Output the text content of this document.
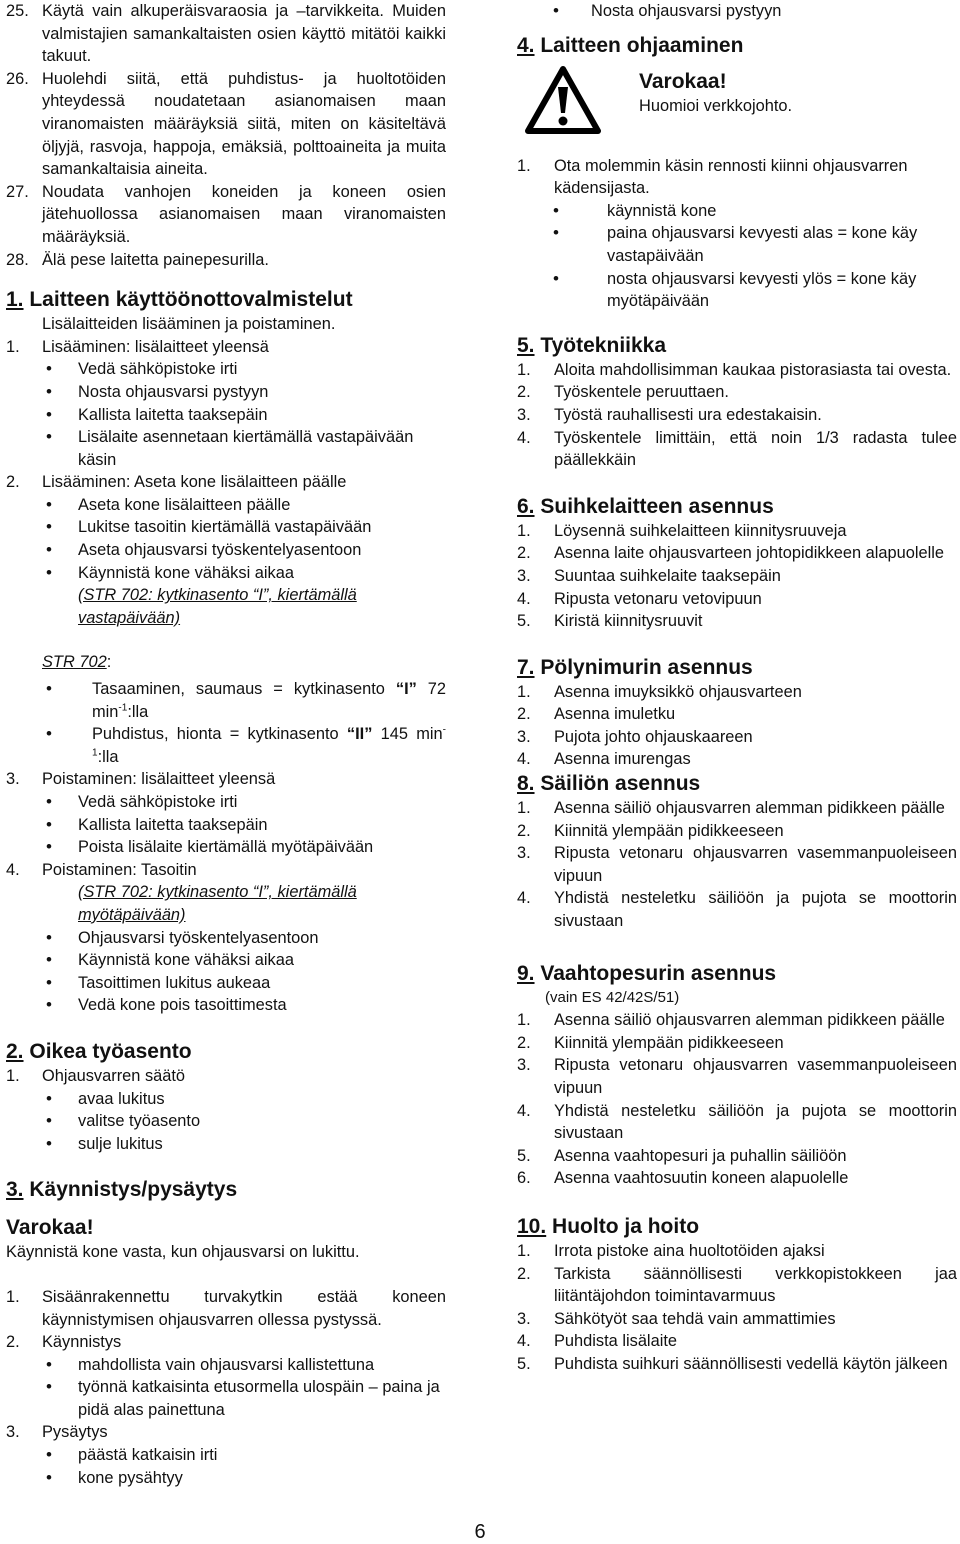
25. Käytä vain alkuperäisvaraosia ja –tarvikkeita. Muiden valmistajien samankaltaisten osien käyttö mitätöi kaikki takuut.
26. Huolehdi siitä, että puhdistus- ja huoltotöiden yhteydessä noudatetaan asianomaisen maan viranomaisten määräyksiä siitä, miten on käsiteltävä öljyjä, rasvoja, happoja, emäksiä, polttoaineita ja muita samankaltaisia aineita.
27. Noudata vanhojen koneiden ja koneen osien jätehuollossa asianomaisen maan viranomaisten määräyksiä.
28. Älä pese laitetta painepesurilla.
1. Laitteen käyttöönottovalmistelut
Lisälaitteiden lisääminen ja poistaminen.
1. Lisääminen: lisälaitteet yleensä
• Vedä sähköpistoke irti
• Nosta ohjausvarsi pystyyn
• Kallista laitetta taaksepäin
• Lisälaite asennetaan kiertämällä vastapäivään käsin
2. Lisääminen: Aseta kone lisälaitteen päälle
• Aseta kone lisälaitteen päälle
• Lukitse tasoitin kiertämällä vastapäivään
• Aseta ohjausvarsi työskentelyasentoon
• Käynnistä kone vähäksi aikaa
(STR 702: kytkinasento “I”, kiertämällä vastapäivään)
STR 702:
• Tasaaminen, saumaus = kytkinasento “I” 72 $\min^{-1}:lla$
• Puhdistus, hionta = kytkinasento “II” 145 $\min^{-1}:lla$
3. Poistaminen: lisälaitteet yleensä
• Vedä sähköpistoke irti
• Kallista laitetta taaksepäin
• Poista lisälaite kiertämällä myötäpäivään
4. Poistaminen: Tasoitin
(STR 702: kytkinasento “I”, kiertämällä myötäpäivään)
• Ohjausvarsi työskentelyasentoon
• Käynnistä kone vähäksi aikaa
• Tasoittimen lukitus aukeaa
• Vedä kone pois tasoittimesta
2. Oikea työasento
1. Ohjausvarren säätö
• avaa lukitus
• valitse työasento
• sulje lukitus
3. Käynnistys/pysäytys
Varokaa!
Käynnistä kone vasta, kun ohjausvarsi on lukittu.
1. Sisäänrakennettu turvakytkin estää koneen käynnistymisen ohjausvarren ollessa pystyssä.
2. Käynnistys
• mahdollista vain ohjausvarsi kallistettuna
• työnnä katkaisinta etusormella ulospäin – paina ja pidä alas painettuna
3. Pysäytys
• päästä katkaisin irti
• kone pysähtyy
• Nosta ohjausvarsi pystyyn
4. Laitteen ohjaaminen
Varokaa!
Huomioi verkkojohto.
1. Ota molemmin käsin rennosti kiinni ohjausvarren kädensijasta.
• käynnistä kone
• paina ohjausvarsi kevyesti alas = kone käy vastapäivään
• nosta ohjausvarsi kevyesti ylös = kone käy myötäpäivään
5. Työtekniikka
1. Aloita mahdollisimman kaukaa pistorasiasta tai ovesta.
2. Työskentele peruuttaen.
3. Työstä rauhallisesti ura edestakaisin.
4. Työskentele limittäin, että noin 1/3 radasta tulee päällekkäin
6. Suihkelaitteen asennus
1. Löysennä suihkelaitteen kiinnitysruuveja
2. Asenna laite ohjausvarteen johtopidikkeen alapuolelle
3. Suuntaa suihkelaite taaksepäin
4. Ripusta vetonaru vetovipuun
5. Kiristä kiinnitysruuvit
7. Pölynimurin asennus
1. Asenna imuyksikkö ohjausvarteen
2. Asenna imuletku
3. Pujota johto ohjauskaareen
4. Asenna imurengas
8. Säiliön asennus
1. Asenna säiliö ohjausvarren alemman pidikkeen päälle
2. Kiinnitä ylempään pidikkeeseen
3. Ripusta vetonaru ohjausvarren vasemmanpuoleiseen vipuun
4. Yhdistä nesteletku säiliöön ja pujota se moottorin sivustaan
9. Vaahtopesurin asennus
(vain ES 42/42S/51)
1. Asenna säiliö ohjausvarren alemman pidikkeen päälle
2. Kiinnitä ylempään pidikkeeseen
3. Ripusta vetonaru ohjausvarren vasemmanpuoleiseen vipuun
4. Yhdistä nesteletku säiliöön ja pujota se moottorin sivustaan
5. Asenna vaahtopesuri ja puhallin säiliöön
6. Asenna vaahtosuutin koneen alapuolelle
10. Huolto ja hoito
1. Irrota pistoke aina huoltotöiden ajaksi
2. Tarkista säännöllisesti verkkopistokkeen jaa liitäntäjohdon toimintavarmuus
3. Sähkötyöt saa tehdä vain ammattimies
4. Puhdista lisälaite
5. Puhdista suihkuri säännöllisesti vedellä käytön jälkeen
6
